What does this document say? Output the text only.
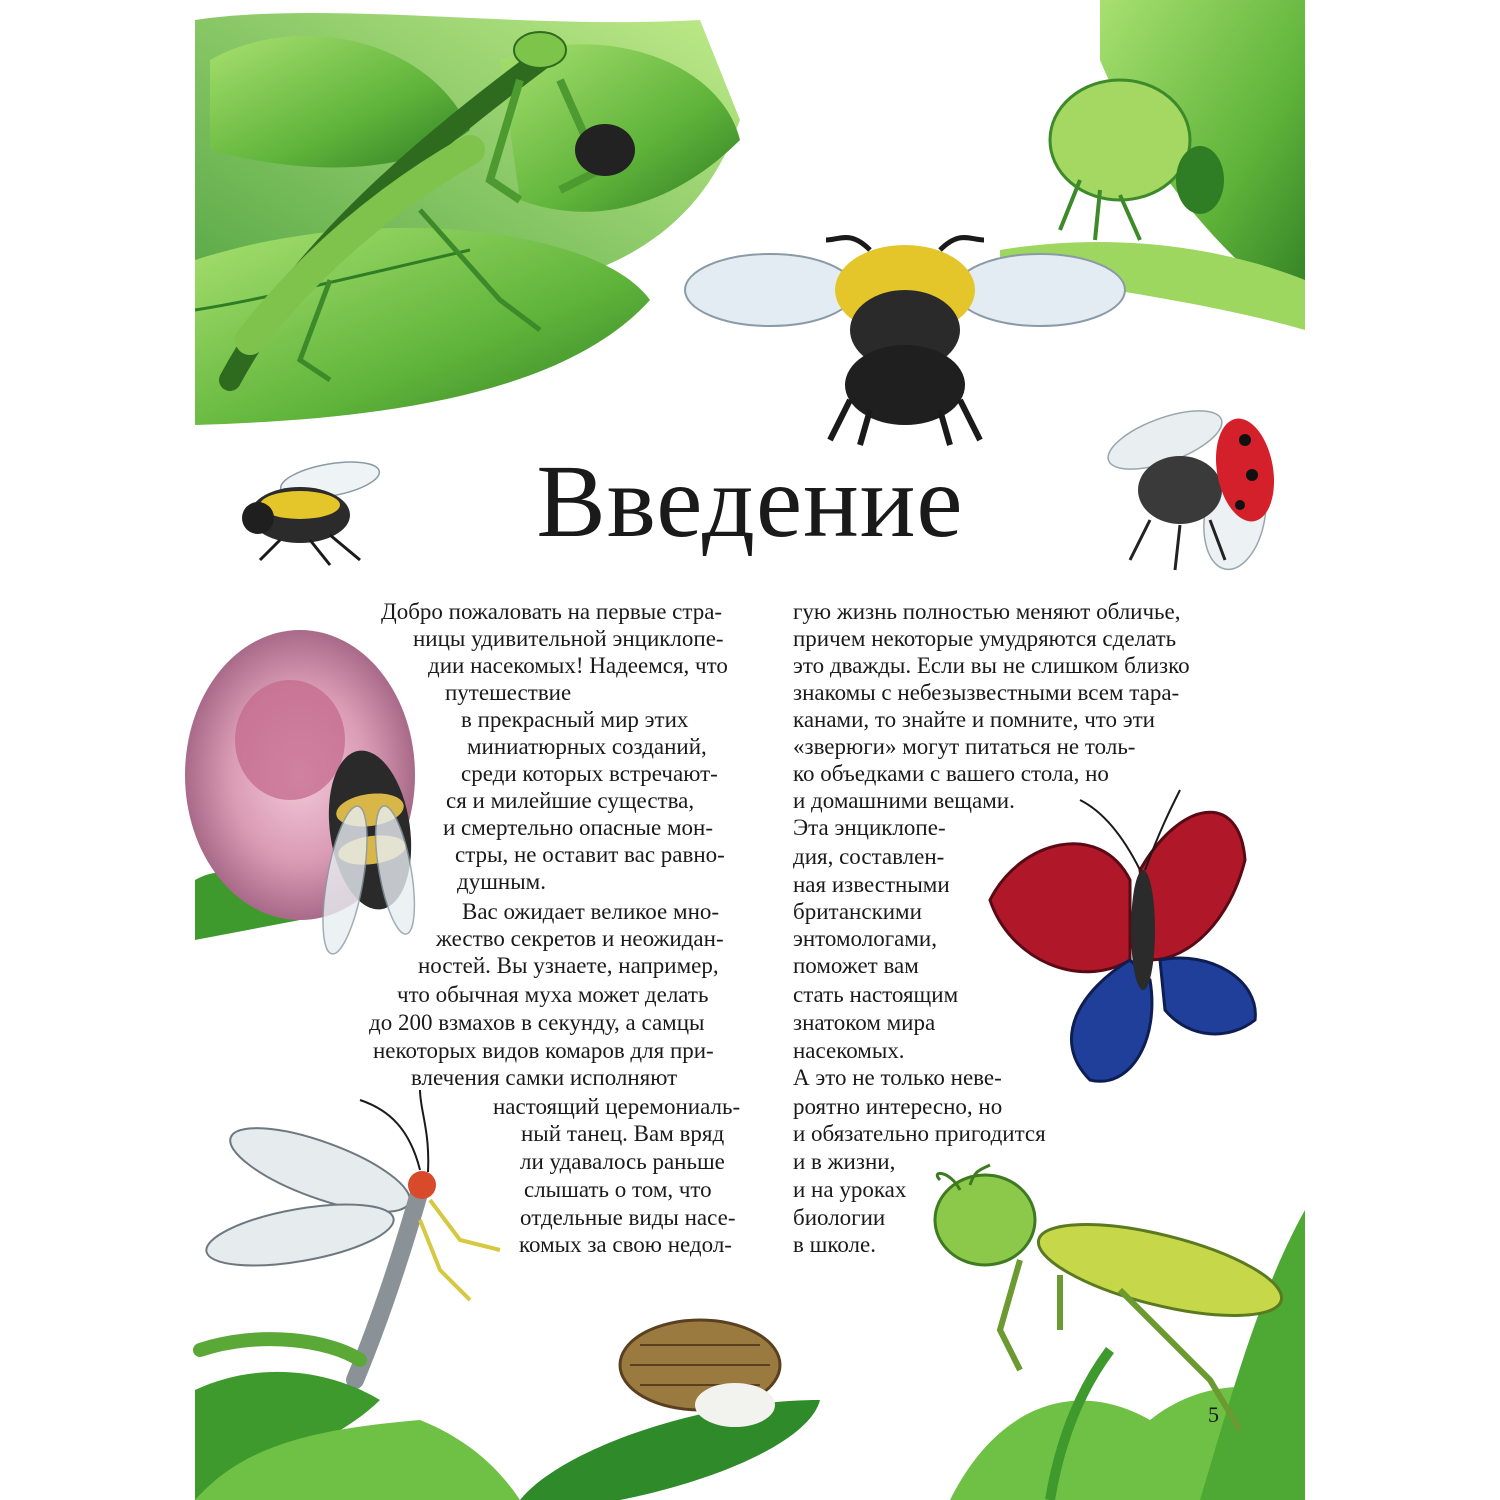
Введение
Добро пожаловать на первые стра-
ницы удивительной энциклопе-
дии насекомых! Надеемся, что
путешествие
в прекрасный мир этих
миниатюрных созданий,
среди которых встречают-
ся и милейшие существа,
и смертельно опасные мон-
стры, не оставит вас равно-
душным.
Вас ожидает великое мно-
жество секретов и неожидан-
ностей. Вы узнаете, например,
что обычная муха может делать
до 200 взмахов в секунду, а самцы
некоторых видов комаров для при-
влечения самки исполняют
настоящий церемониаль-
ный танец. Вам вряд
ли удавалось раньше
слышать о том, что
отдельные виды насе-
комых за свою недол-
гую жизнь полностью меняют обличье,
причем некоторые умудряются сделать
это дважды. Если вы не слишком близко
знакомы с небезызвестными всем тара-
канами, то знайте и помните, что эти
«зверюги» могут питаться не толь-
ко объедками с вашего стола, но
и домашними вещами.
Эта энциклопе-
дия, составлен-
ная известными
британскими
энтомологами,
поможет вам
стать настоящим
знатоком мира
насекомых.
А это не только неве-
роятно интересно, но
и обязательно пригодится
и в жизни,
и на уроках
биологии
в школе.
5
